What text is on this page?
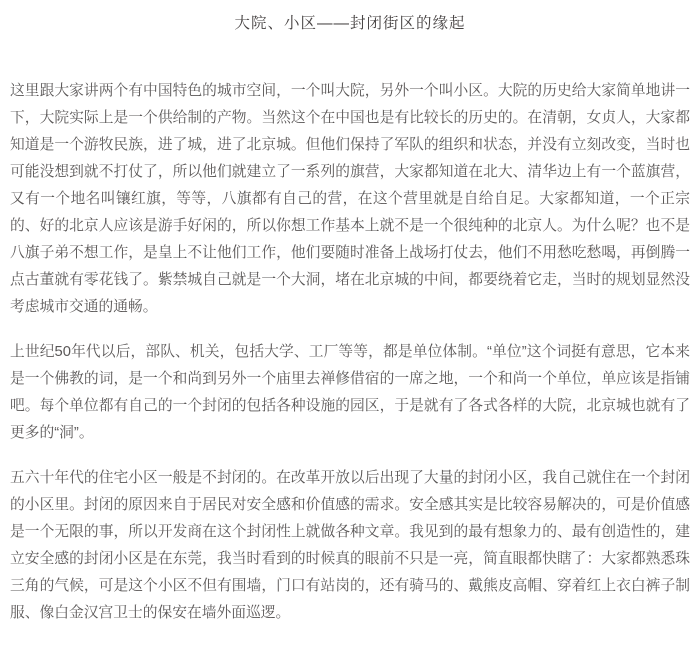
大院、小区——封闭街区的缘起

这里跟大家讲两个有中国特色的城市空间，一个叫大院，另外一个叫小区。大院的历史给大家简单地讲一下，大院实际上是一个供给制的产物。当然这个在中国也是有比较长的历史的。在清朝，女贞人，大家都知道是一个游牧民族，进了城，进了北京城。但他们保持了军队的组织和状态，并没有立刻改变，当时也可能没想到就不打仗了，所以他们就建立了一系列的旗营，大家都知道在北大、清华边上有一个蓝旗营，又有一个地名叫镶红旗，等等，八旗都有自己的营，在这个营里就是自给自足。大家都知道，一个正宗的、好的北京人应该是游手好闲的，所以你想工作基本上就不是一个很纯种的北京人。为什么呢？也不是八旗子弟不想工作，是皇上不让他们工作，他们要随时准备上战场打仗去，他们不用愁吃愁喝，再倒腾一点古董就有零花钱了。紫禁城自己就是一个大洞，堵在北京城的中间，都要绕着它走，当时的规划显然没考虑城市交通的通畅。

上世纪50年代以后，部队、机关，包括大学、工厂等等，都是单位体制。“单位”这个词挺有意思，它本来是一个佛教的词，是一个和尚到另外一个庙里去禅修借宿的一席之地，一个和尚一个单位，单应该是指铺吧。每个单位都有自己的一个封闭的包括各种设施的园区，于是就有了各式各样的大院，北京城也就有了更多的“洞”。

五六十年代的住宅小区一般是不封闭的。在改革开放以后出现了大量的封闭小区，我自己就住在一个封闭的小区里。封闭的原因来自于居民对安全感和价值感的需求。安全感其实是比较容易解决的，可是价值感是一个无限的事，所以开发商在这个封闭性上就做各种文章。我见到的最有想象力的、最有创造性的，建立安全感的封闭小区是在东莞，我当时看到的时候真的眼前不只是一亮，简直眼都快瞎了：大家都熟悉珠三角的气候，可是这个小区不但有围墙，门口有站岗的，还有骑马的、戴熊皮高帽、穿着红上衣白裤子制服、像白金汉宫卫士的保安在墙外面巡逻。
